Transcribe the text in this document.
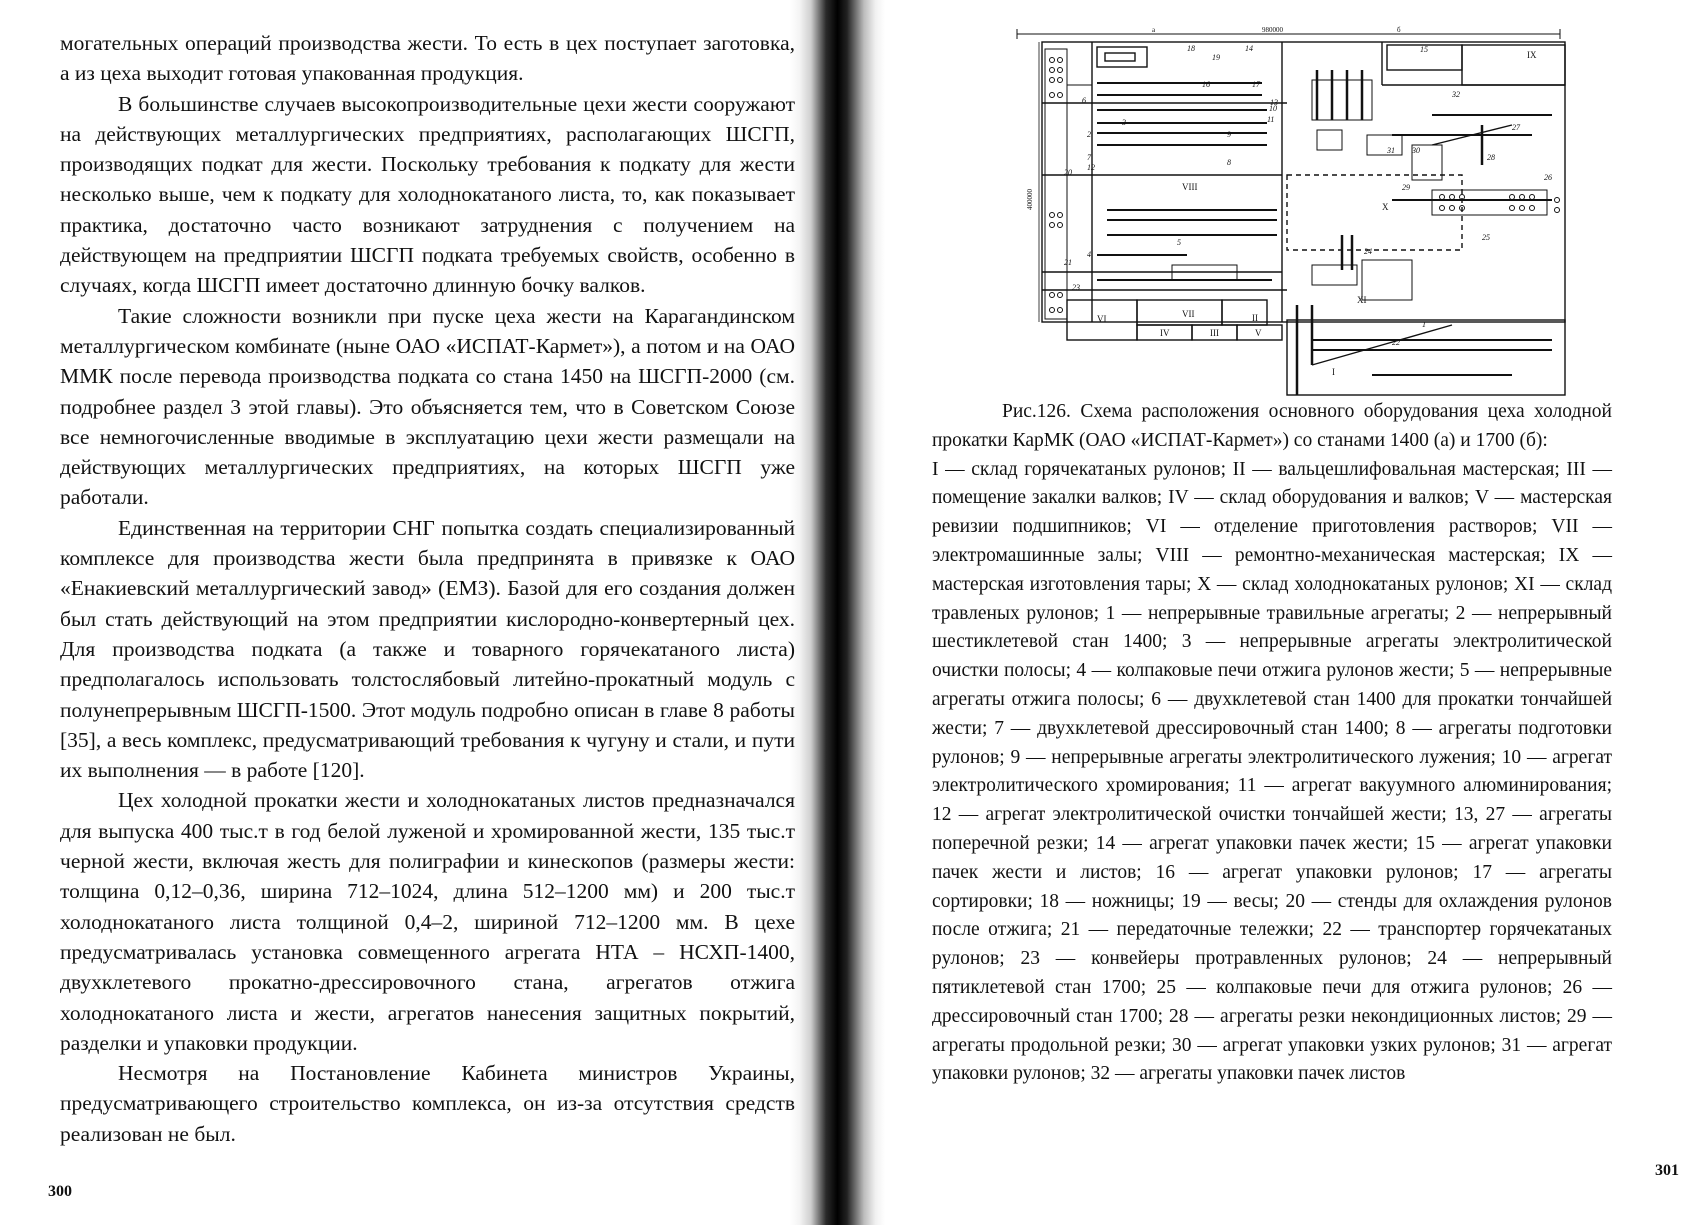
могательных операций производства жести. То есть в цех поступает заготовка, а из цеха выходит готовая упакованная продукция.

В большинстве случаев высокопроизводительные цехи жести сооружают на действующих металлургических предприятиях, располагающих ШСГП, производящих подкат для жести. Поскольку требования к подкату для жести несколько выше, чем к подкату для холоднокатаного листа, то, как показывает практика, достаточно часто возникают затруднения с получением на действующем на предприятии ШСГП подката требуемых свойств, особенно в случаях, когда ШСГП имеет достаточно длинную бочку валков.

Такие сложности возникли при пуске цеха жести на Карагандинском металлургическом комбинате (ныне ОАО «ИСПАТ-Кармет»), а потом и на ОАО ММК после перевода производства подката со стана 1450 на ШСГП-2000 (см. подробнее раздел 3 этой главы). Это объясняется тем, что в Советском Союзе все немногочисленные вводимые в эксплуатацию цехи жести размещали на действующих металлургических предприятиях, на которых ШСГП уже работали.

Единственная на территории СНГ попытка создать специализированный комплексе для производства жести была предпринята в привязке к ОАО «Енакиевский металлургический завод» (ЕМЗ). Базой для его создания должен был стать действующий на этом предприятии кислородно-конвертерный цех. Для производства подката (а также и товарного горячекатаного листа) предполагалось использовать толстослябовый литейно-прокатный модуль с полунепрерывным ШСГП-1500. Этот модуль подробно описан в главе 8 работы [35], а весь комплекс, предусматривающий требования к чугуну и стали, и пути их выполнения — в работе [120].

Цех холодной прокатки жести и холоднокатаных листов предназначался для выпуска 400 тыс.т в год белой луженой и хромированной жести, 135 тыс.т черной жести, включая жесть для полиграфии и кинескопов (размеры жести: толщина 0,12–0,36, ширина 712–1024, длина 512–1200 мм) и 200 тыс.т холоднокатаного листа толщиной 0,4–2, шириной 712–1200 мм. В цехе предусматривалась установка совмещенного агрегата НТА – НСХП-1400, двухклетевого прокатно-дрессировочного стана, агрегатов отжига холоднокатаного листа и жести, агрегатов нанесения защитных покрытий, разделки и упаковки продукции.

Несмотря на Постановление Кабинета министров Украины, предусматривающего строительство комплекса, он из-за отсутствия средств реализован не был.

300
980000
a	б
400000
I
II
III
IV	V
VI	VII
VIII
IX
X
XI
1
2
3
4
5
6
7
8
9
10
11
12
13
14	15
16	17
18
19
20
21
22
23
24
25
26
27
28
29
30
31
32

Рис.126. Схема расположения основного оборудования цеха холодной прокатки КарМК (ОАО «ИСПАТ-Кармет») со станами 1400 (а) и 1700 (б):

I — склад горячекатаных рулонов; II — вальцешлифовальная мастерская; III — помещение закалки валков; IV — склад оборудования и валков; V — мастерская ревизии подшипников; VI — отделение приготовления растворов; VII — электромашинные залы; VIII — ремонтно-механическая мастерская; IX — мастерская изготовления тары; X — склад холоднокатаных рулонов; XI — склад травленых рулонов; 1 — непрерывные травильные агрегаты; 2 — непрерывный шестиклетевой стан 1400; 3 — непрерывные агрегаты электролитической очистки полосы; 4 — колпаковые печи отжига рулонов жести; 5 — непрерывные агрегаты отжига полосы; 6 — двухклетевой стан 1400 для прокатки тончайшей жести; 7 — двухклетевой дрессировочный стан 1400; 8 — агрегаты подготовки рулонов; 9 — непрерывные агрегаты электролитического лужения; 10 — агрегат электролитического хромирования; 11 — агрегат вакуумного алюминирования; 12 — агрегат электролитической очистки тончайшей жести; 13, 27 — агрегаты поперечной резки; 14 — агрегат упаковки пачек жести; 15 — агрегат упаковки пачек жести и листов; 16 — агрегат упаковки рулонов; 17 — агрегаты сортировки; 18 — ножницы; 19 — весы; 20 — стенды для охлаждения рулонов после отжига; 21 — передаточные тележки; 22 — транспортер горячекатаных рулонов; 23 — конвейеры протравленных рулонов; 24 — непрерывный пятиклетевой стан 1700; 25 — колпаковые печи для отжига рулонов; 26 — дрессировочный стан 1700; 28 — агрегаты резки некондиционных листов; 29 — агрегаты продольной резки; 30 — агрегат упаковки узких рулонов; 31 — агрегат упаковки рулонов; 32 — агрегаты упаковки пачек листов

301
